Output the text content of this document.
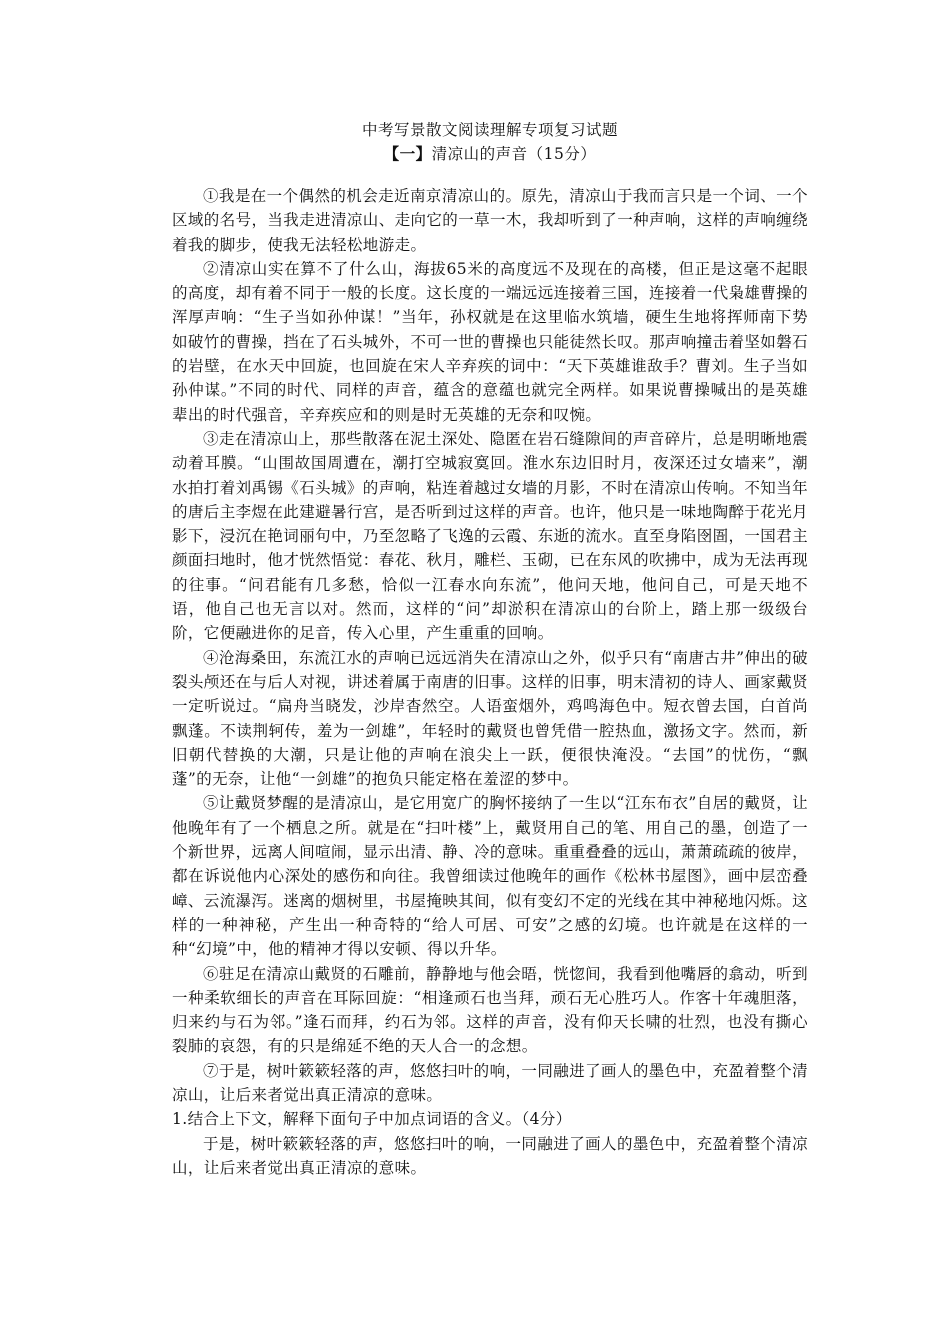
中考写景散文阅读理解专项复习试题
【一】清凉山的声音（15分）

①我是在一个偶然的机会走近南京清凉山的。原先，清凉山于我而言只是一个词、一个区域的名号，当我走进清凉山、走向它的一草一木，我却听到了一种声响，这样的声响缠绕着我的脚步，使我无法轻松地游走。

②清凉山实在算不了什么山，海拔65米的高度远不及现在的高楼，但正是这毫不起眼的高度，却有着不同于一般的长度。这长度的一端远远连接着三国，连接着一代枭雄曹操的浑厚声响：“生子当如孙仲谋！”当年，孙权就是在这里临水筑墙，硬生生地将挥师南下势如破竹的曹操，挡在了石头城外，不可一世的曹操也只能徒然长叹。那声响撞击着坚如磐石的岩壁，在水天中回旋，也回旋在宋人辛弃疾的词中：“天下英雄谁敌手？曹刘。生子当如孙仲谋。”不同的时代、同样的声音，蕴含的意蕴也就完全两样。如果说曹操喊出的是英雄辈出的时代强音，辛弃疾应和的则是时无英雄的无奈和叹惋。

③走在清凉山上，那些散落在泥土深处、隐匿在岩石缝隙间的声音碎片，总是明晰地震动着耳膜。“山围故国周遭在，潮打空城寂寞回。淮水东边旧时月，夜深还过女墙来”，潮水拍打着刘禹锡《石头城》的声响，粘连着越过女墙的月影，不时在清凉山传响。不知当年的唐后主李煜在此建避暑行宫，是否听到过这样的声音。也许，他只是一味地陶醉于花光月影下，浸沉在艳词丽句中，乃至忽略了飞逸的云霞、东逝的流水。直至身陷囹圄，一国君主颜面扫地时，他才恍然悟觉：春花、秋月，雕栏、玉砌，已在东风的吹拂中，成为无法再现的往事。“问君能有几多愁，恰似一江春水向东流”，他问天地，他问自己，可是天地不语，他自己也无言以对。然而，这样的“问”却淤积在清凉山的台阶上，踏上那一级级台阶，它便融进你的足音，传入心里，产生重重的回响。

④沧海桑田，东流江水的声响已远远消失在清凉山之外，似乎只有“南唐古井”伸出的破裂头颅还在与后人对视，讲述着属于南唐的旧事。这样的旧事，明末清初的诗人、画家戴贤一定听说过。“扁舟当晓发，沙岸杳然空。人语蛮烟外，鸡鸣海色中。短衣曾去国，白首尚飘蓬。不读荆轲传，羞为一剑雄”，年轻时的戴贤也曾凭借一腔热血，激扬文字。然而，新旧朝代替换的大潮，只是让他的声响在浪尖上一跃，便很快淹没。“去国”的忧伤，“飘蓬”的无奈，让他“一剑雄”的抱负只能定格在羞涩的梦中。

⑤让戴贤梦醒的是清凉山，是它用宽广的胸怀接纳了一生以“江东布衣”自居的戴贤，让他晚年有了一个栖息之所。就是在“扫叶楼”上，戴贤用自己的笔、用自己的墨，创造了一个新世界，远离人间喧闹，显示出清、静、冷的意味。重重叠叠的远山，萧萧疏疏的彼岸，都在诉说他内心深处的感伤和向往。我曾细读过他晚年的画作《松林书屋图》，画中层峦叠嶂、云流瀑泻。迷离的烟树里，书屋掩映其间，似有变幻不定的光线在其中神秘地闪烁。这样的一种神秘，产生出一种奇特的“给人可居、可安”之感的幻境。也许就是在这样的一种“幻境”中，他的精神才得以安顿、得以升华。

⑥驻足在清凉山戴贤的石雕前，静静地与他会晤，恍惚间，我看到他嘴唇的翕动，听到一种柔软细长的声音在耳际回旋：“相逢顽石也当拜，顽石无心胜巧人。作客十年魂胆落，归来约与石为邻。”逢石而拜，约石为邻。这样的声音，没有仰天长啸的壮烈，也没有撕心裂肺的哀怨，有的只是绵延不绝的天人合一的念想。

⑦于是，树叶簌簌轻落的声，悠悠扫叶的响，一同融进了画人的墨色中，充盈着整个清凉山，让后来者觉出真正清凉的意味。

1.结合上下文，解释下面句子中加点词语的含义。（4分）

于是，树叶簌簌轻落的声，悠悠扫叶的响，一同融进了画人的墨色中，充盈着整个清凉山，让后来者觉出真正清凉的意味。
